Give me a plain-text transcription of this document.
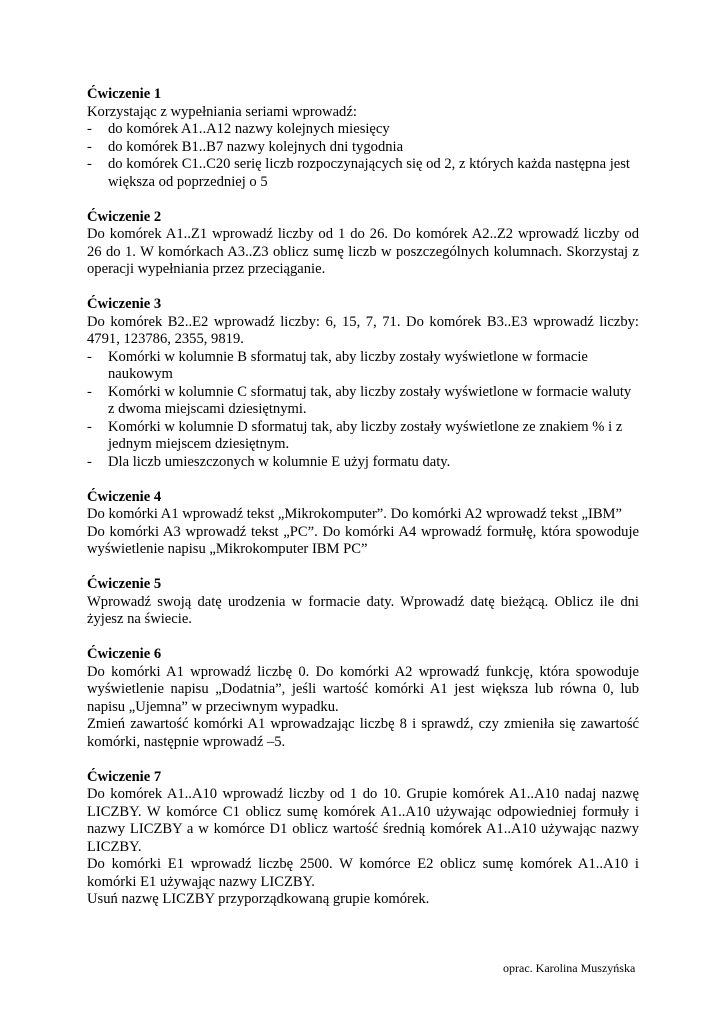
Ćwiczenie 1
Korzystając z wypełniania seriami wprowadź:
- do komórek A1..A12 nazwy kolejnych miesięcy
- do komórek B1..B7 nazwy kolejnych dni tygodnia
- do komórek C1..C20 serię liczb rozpoczynających się od 2, z których każda następna jest większa od poprzedniej o 5
Ćwiczenie 2
Do komórek A1..Z1 wprowadź liczby od 1 do 26. Do komórek A2..Z2 wprowadź liczby od 26 do 1. W komórkach A3..Z3 oblicz sumę liczb w poszczególnych kolumnach. Skorzystaj z operacji wypełniania przez przeciąganie.
Ćwiczenie 3
Do komórek B2..E2 wprowadź liczby: 6, 15, 7, 71. Do komórek B3..E3 wprowadź liczby: 4791, 123786, 2355, 9819.
- Komórki w kolumnie B sformatuj tak, aby liczby zostały wyświetlone w formacie naukowym
- Komórki w kolumnie C sformatuj tak, aby liczby zostały wyświetlone w formacie waluty z dwoma miejscami dziesiętnymi.
- Komórki w kolumnie D sformatuj tak, aby liczby zostały wyświetlone ze znakiem % i z jednym miejscem dziesiętnym.
- Dla liczb umieszczonych w kolumnie E użyj formatu daty.
Ćwiczenie 4
Do komórki A1 wprowadź tekst „Mikrokomputer”. Do komórki A2 wprowadź tekst „IBM”
Do komórki A3 wprowadź tekst „PC”. Do komórki A4 wprowadź formułę, która spowoduje wyświetlenie napisu „Mikrokomputer IBM PC”
Ćwiczenie 5
Wprowadź swoją datę urodzenia w formacie daty. Wprowadź datę bieżącą. Oblicz ile dni żyjesz na świecie.
Ćwiczenie 6
Do komórki A1 wprowadź liczbę 0. Do komórki A2 wprowadź funkcję, która spowoduje wyświetlenie napisu „Dodatnia”, jeśli wartość komórki A1 jest większa lub równa 0, lub napisu „Ujemna” w przeciwnym wypadku.
Zmień zawartość komórki A1 wprowadzając liczbę 8 i sprawdź, czy zmieniła się zawartość komórki, następnie wprowadź –5.
Ćwiczenie 7
Do komórek A1..A10 wprowadź liczby od 1 do 10. Grupie komórek A1..A10 nadaj nazwę LICZBY. W komórce C1 oblicz sumę komórek A1..A10 używając odpowiedniej formuły i nazwy LICZBY a w komórce D1 oblicz wartość średnią komórek A1..A10 używając nazwy LICZBY.
Do komórki E1 wprowadź liczbę 2500. W komórce E2 oblicz sumę komórek A1..A10 i komórki E1 używając nazwy LICZBY.
Usuń nazwę LICZBY przyporządkowaną grupie komórek.
oprac. Karolina Muszyńska
